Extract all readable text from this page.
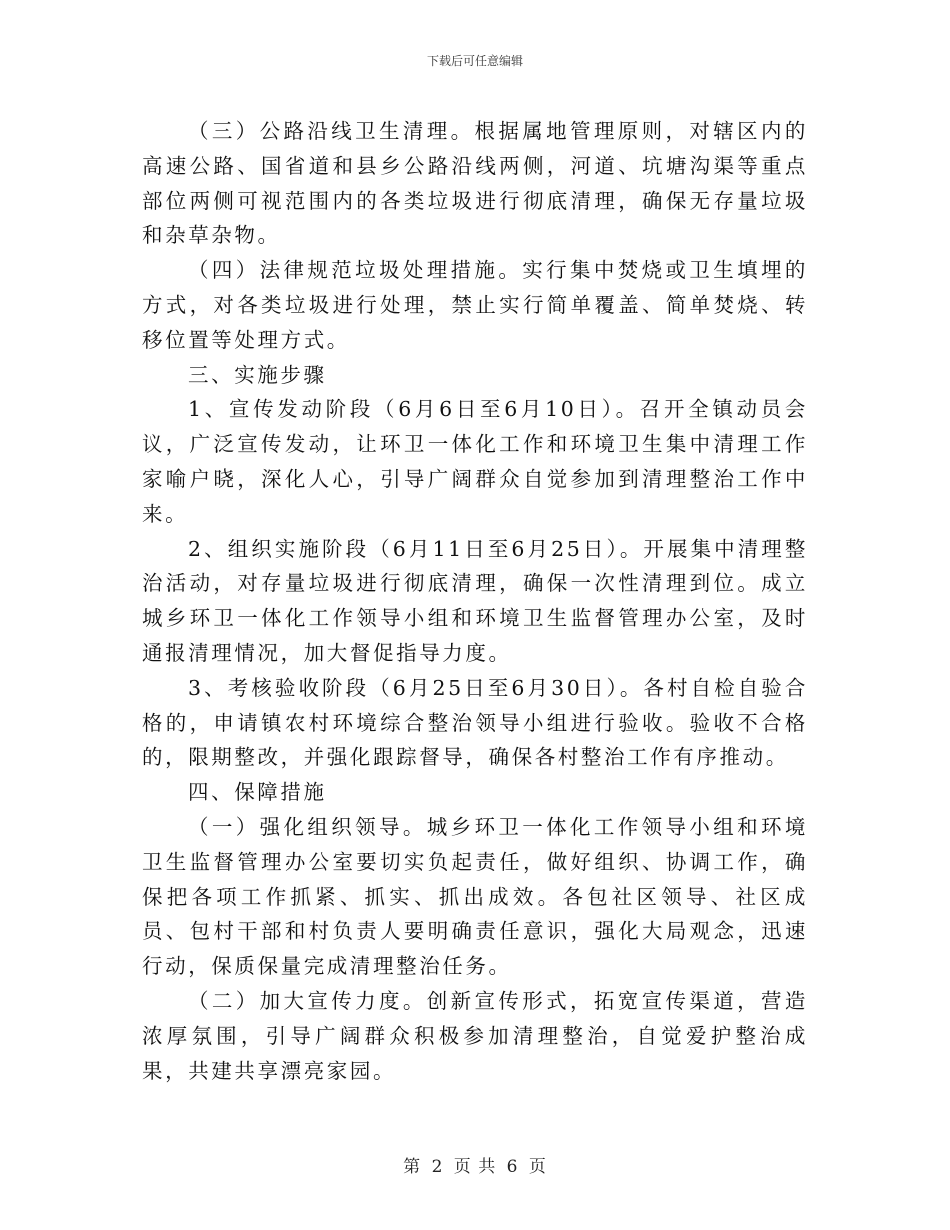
下载后可任意编辑

（三）公路沿线卫生清理。根据属地管理原则，对辖区内的高速公路、国省道和县乡公路沿线两侧，河道、坑塘沟渠等重点部位两侧可视范围内的各类垃圾进行彻底清理，确保无存量垃圾和杂草杂物。

（四）法律规范垃圾处理措施。实行集中焚烧或卫生填埋的方式，对各类垃圾进行处理，禁止实行简单覆盖、简单焚烧、转移位置等处理方式。

三、实施步骤

1、宣传发动阶段（6月6日至6月10日）。召开全镇动员会议，广泛宣传发动，让环卫一体化工作和环境卫生集中清理工作家喻户晓，深化人心，引导广阔群众自觉参加到清理整治工作中来。

2、组织实施阶段（6月11日至6月25日）。开展集中清理整治活动，对存量垃圾进行彻底清理，确保一次性清理到位。成立城乡环卫一体化工作领导小组和环境卫生监督管理办公室，及时通报清理情况，加大督促指导力度。

3、考核验收阶段（6月25日至6月30日）。各村自检自验合格的，申请镇农村环境综合整治领导小组进行验收。验收不合格的，限期整改，并强化跟踪督导，确保各村整治工作有序推动。

四、保障措施

（一）强化组织领导。城乡环卫一体化工作领导小组和环境卫生监督管理办公室要切实负起责任，做好组织、协调工作，确保把各项工作抓紧、抓实、抓出成效。各包社区领导、社区成员、包村干部和村负责人要明确责任意识，强化大局观念，迅速行动，保质保量完成清理整治任务。

（二）加大宣传力度。创新宣传形式，拓宽宣传渠道，营造浓厚氛围，引导广阔群众积极参加清理整治，自觉爱护整治成果，共建共享漂亮家园。

第 2 页 共 6 页
